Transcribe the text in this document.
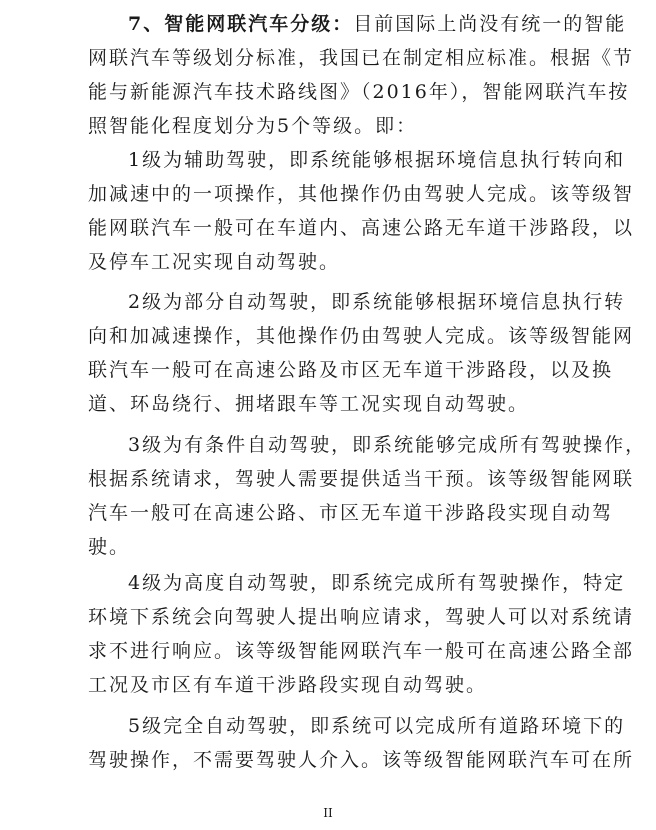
7、智能网联汽车分级：目前国际上尚没有统一的智能
网联汽车等级划分标准，我国已在制定相应标准。根据《节
能与新能源汽车技术路线图》（2016年），智能网联汽车按
照智能化程度划分为5个等级。即：
1级为辅助驾驶，即系统能够根据环境信息执行转向和
加减速中的一项操作，其他操作仍由驾驶人完成。该等级智
能网联汽车一般可在车道内、高速公路无车道干涉路段，以
及停车工况实现自动驾驶。
2级为部分自动驾驶，即系统能够根据环境信息执行转
向和加减速操作，其他操作仍由驾驶人完成。该等级智能网
联汽车一般可在高速公路及市区无车道干涉路段，以及换
道、环岛绕行、拥堵跟车等工况实现自动驾驶。
3级为有条件自动驾驶，即系统能够完成所有驾驶操作，
根据系统请求，驾驶人需要提供适当干预。该等级智能网联
汽车一般可在高速公路、市区无车道干涉路段实现自动驾
驶。
4级为高度自动驾驶，即系统完成所有驾驶操作，特定
环境下系统会向驾驶人提出响应请求，驾驶人可以对系统请
求不进行响应。该等级智能网联汽车一般可在高速公路全部
工况及市区有车道干涉路段实现自动驾驶。
5级完全自动驾驶，即系统可以完成所有道路环境下的
驾驶操作，不需要驾驶人介入。该等级智能网联汽车可在所
II
